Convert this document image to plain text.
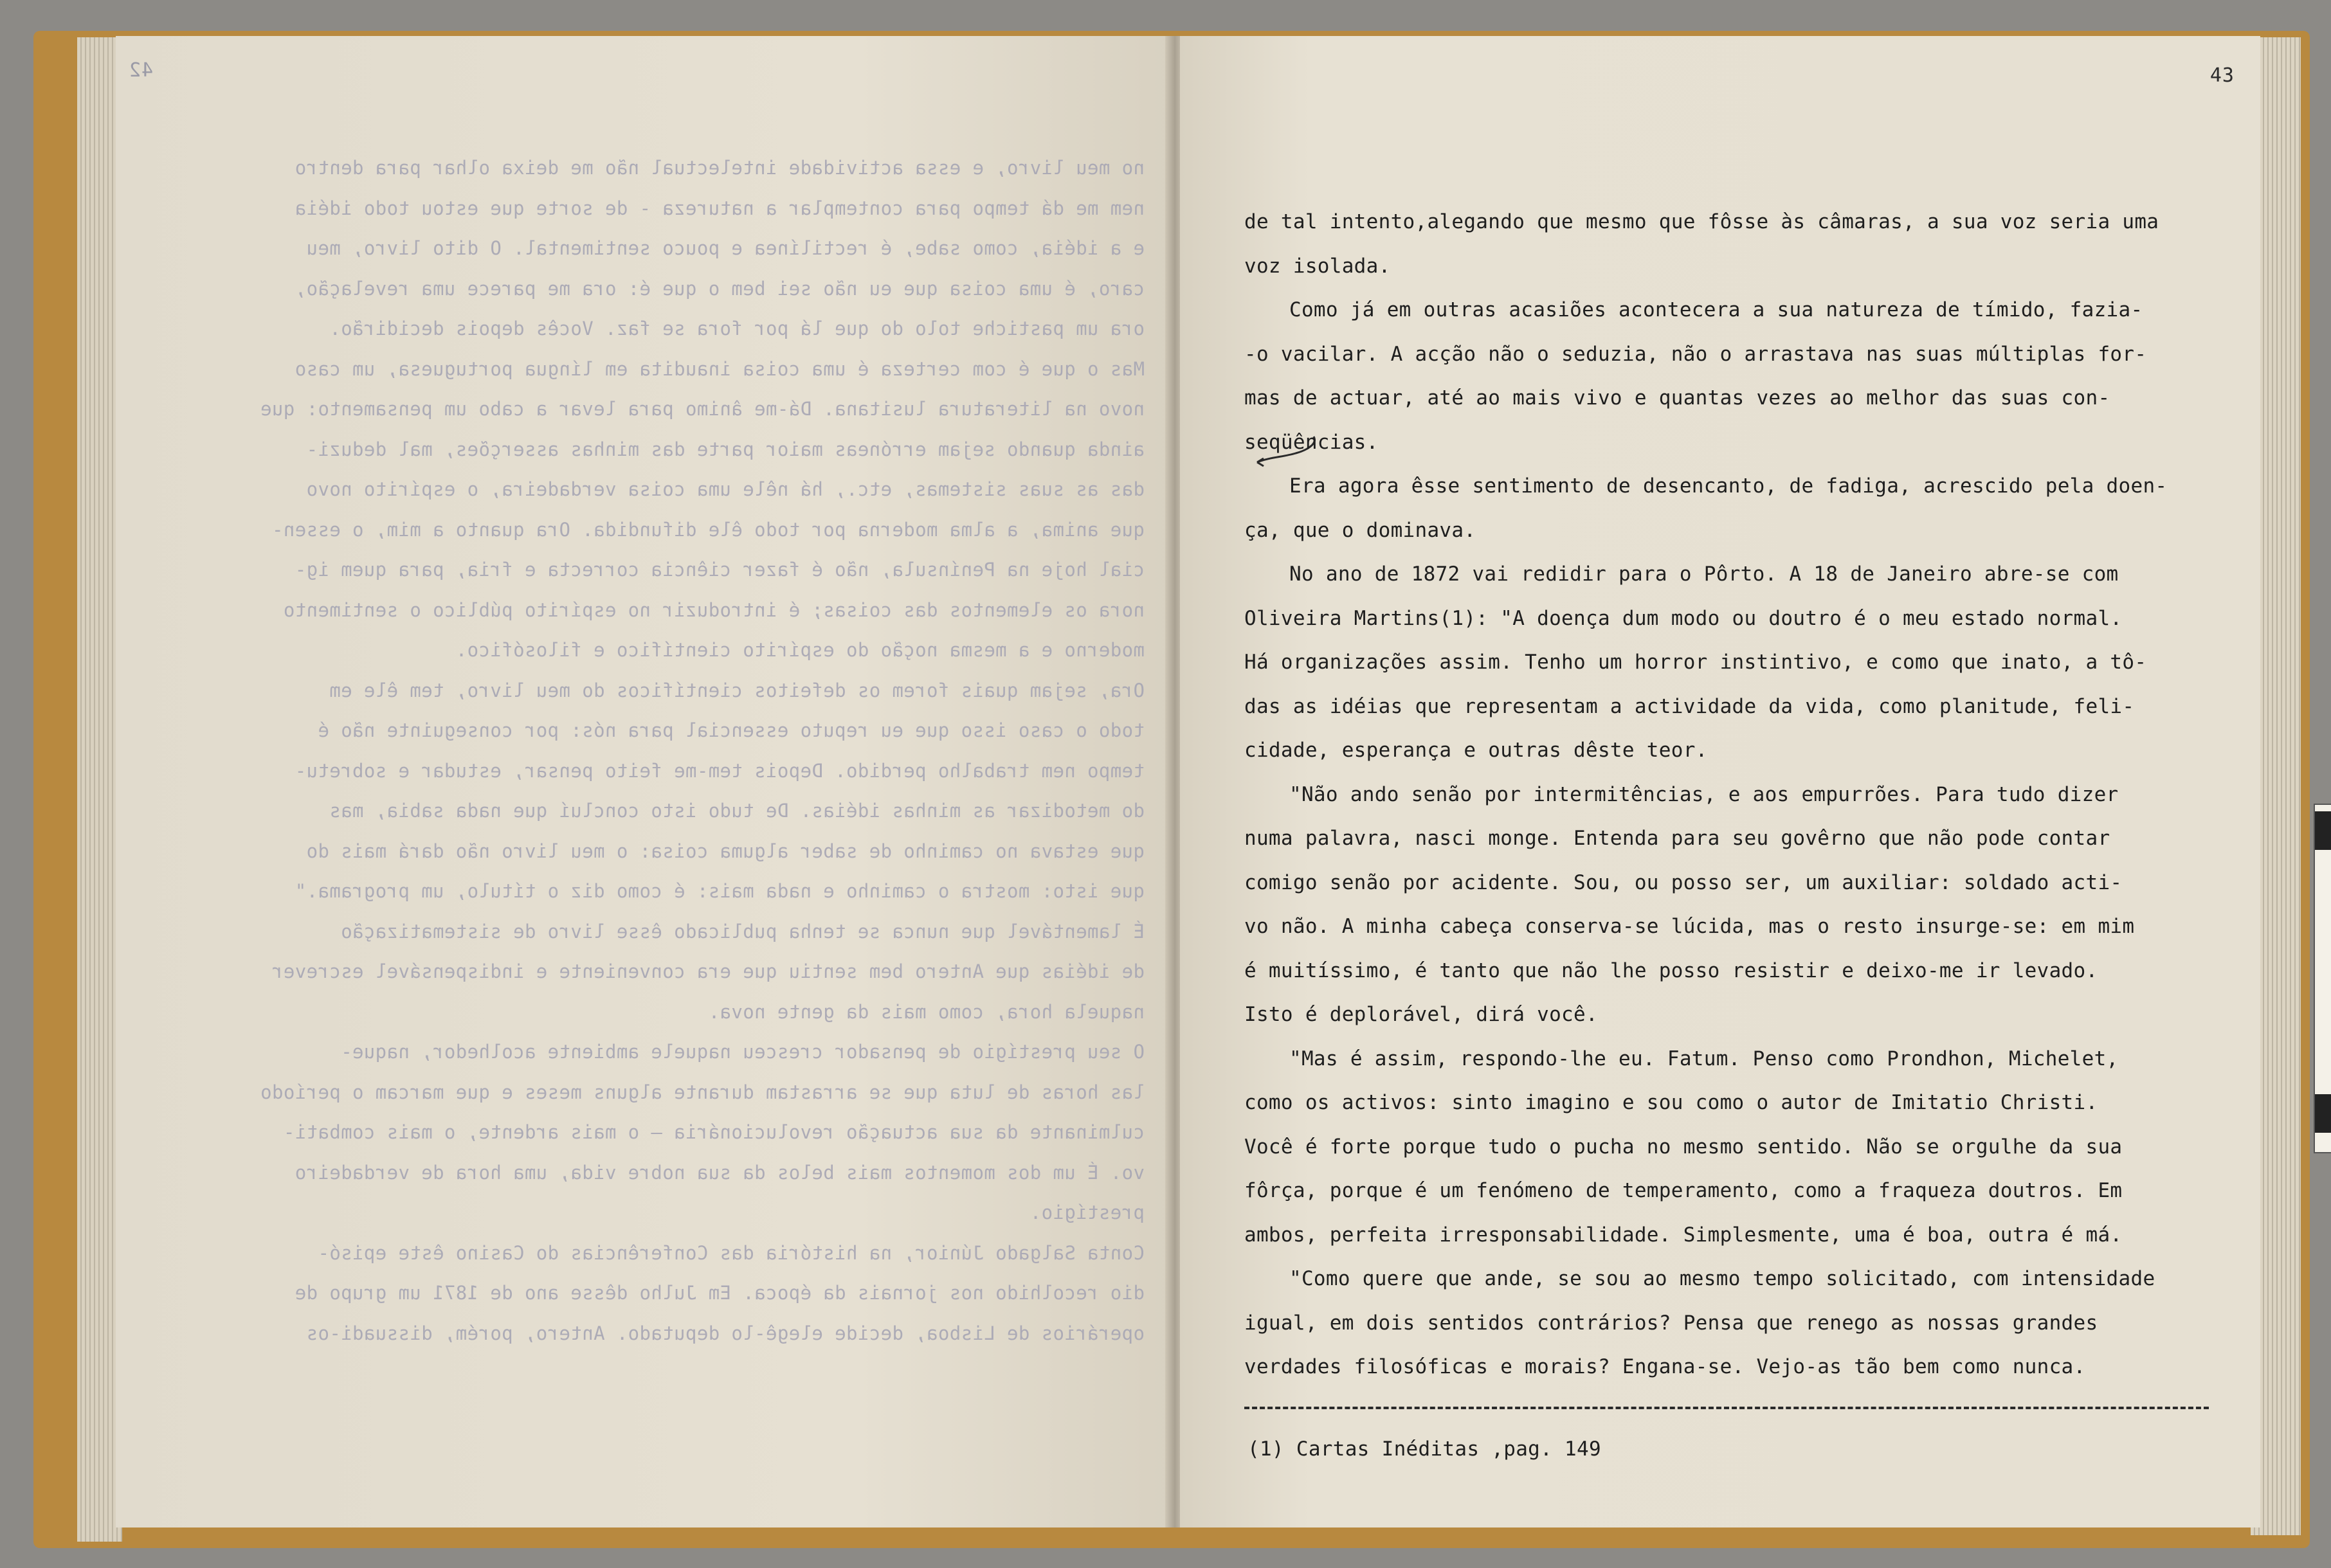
42
no meu livro, e essa actividade intelectual não me deixa olhar para dentro
nem me dá tempo para contemplar a natureza - de sorte que estou todo idéia
e a idéia, como sabe, é rectilínea e pouco sentimental. O dito livro, meu
caro, é uma coisa que eu não sei bem o que é: ora me parece uma revelação,
ora um pastiche tolo do que lá por fora se faz. Vocês depois decidirão.
Mas o que é com certeza é uma coisa inaudita em língua portuguesa, um caso
novo na literatura lusitana. Dá-me ânimo para levar a cabo um pensamento: que
ainda quando sejam erróneas maior parte das minhas asserções, mal deduzi-
das as suas sistemas, etc., há nêle uma coisa verdadeira, o espírito novo
que anima, a alma moderna por todo êle difundida. Ora quanto a mim, o essen-
cial hoje na Península, não é fazer ciência correcta e fria, para quem ig-
nora os elementos das coisas; é introduzir no espírito público o sentimento
moderno e a mesma noção do espírito científico e filosófico.
Ora, sejam quais forem os defeitos científicos do meu livro, tem êle em
todo o caso isso que eu reputo essencial para nós: por conseguinte não é
tempo nem trabalho perdido. Depois tem-me feito pensar, estudar e sobretu-
do metodizar as minhas idéias. De tudo isto concluí que nada sabia, mas
que estava no caminho de saber alguma coisa: o meu livro não dará mais do
que isto: mostra o caminho e nada mais: é como diz o título, um programa."
É lamentável que nunca se tenha publicado êsse livro de sistematização
de idéias que Antero bem sentiu que era conveniente e indispensável escrever
naquela hora, como mais da gente nova.
O seu prestígio de pensador cresceu naquele ambiente acolhedor, naque-
las horas de luta que se arrastam durante alguns meses e que marcam o período
culminante da sua actuação revolucionária — o mais ardente, o mais combati-
vo. É um dos momentos mais belos da sua nobre vida, uma hora de verdadeiro
prestígio.
Conta Salgado Júnior, na história das Conferências do Casino êste episó-
dio recolhido nos jornais da época. Em Julho dêsse ano de 1871 um grupo de
operários de Lisboa, decide elegê-lo deputado. Antero, porém, dissuadi-os
43
de tal intento,alegando que mesmo que fôsse às câmaras, a sua voz seria uma
voz isolada.
Como já em outras acasiões acontecera a sua natureza de tímido, fazia-
-o vacilar. A acção não o seduzia, não o arrastava nas suas múltiplas for-
mas de actuar, até ao mais vivo e quantas vezes ao melhor das suas con-
seqüências.
Era agora êsse sentimento de desencanto, de fadiga, acrescido pela doen-
ça, que o dominava.
No ano de 1872 vai redidir para o Pôrto. A 18 de Janeiro abre-se com
Oliveira Martins(1): "A doença dum modo ou doutro é o meu estado normal.
Há organizações assim. Tenho um horror instintivo, e como que inato, a tô-
das as idéias que representam a actividade da vida, como planitude, feli-
cidade, esperança e outras dêste teor.
"Não ando senão por intermitências, e aos empurrões. Para tudo dizer
numa palavra, nasci monge. Entenda para seu govêrno que não pode contar
comigo senão por acidente. Sou, ou posso ser, um auxiliar: soldado acti-
vo não. A minha cabeça conserva-se lúcida, mas o resto insurge-se: em mim
é muitíssimo, é tanto que não lhe posso resistir e deixo-me ir levado.
Isto é deplorável, dirá você.
"Mas é assim, respondo-lhe eu. Fatum. Penso como Prondhon, Michelet,
como os activos: sinto imagino e sou como o autor de Imitatio Christi.
Você é forte porque tudo o pucha no mesmo sentido. Não se orgulhe da sua
fôrça, porque é um fenómeno de temperamento, como a fraqueza doutros. Em
ambos, perfeita irresponsabilidade. Simplesmente, uma é boa, outra é má.
"Como quere que ande, se sou ao mesmo tempo solicitado, com intensidade
igual, em dois sentidos contrários? Pensa que renego as nossas grandes
verdades filosóficas e morais? Engana-se. Vejo-as tão bem como nunca.
(1) Cartas Inéditas ,pag. 149
